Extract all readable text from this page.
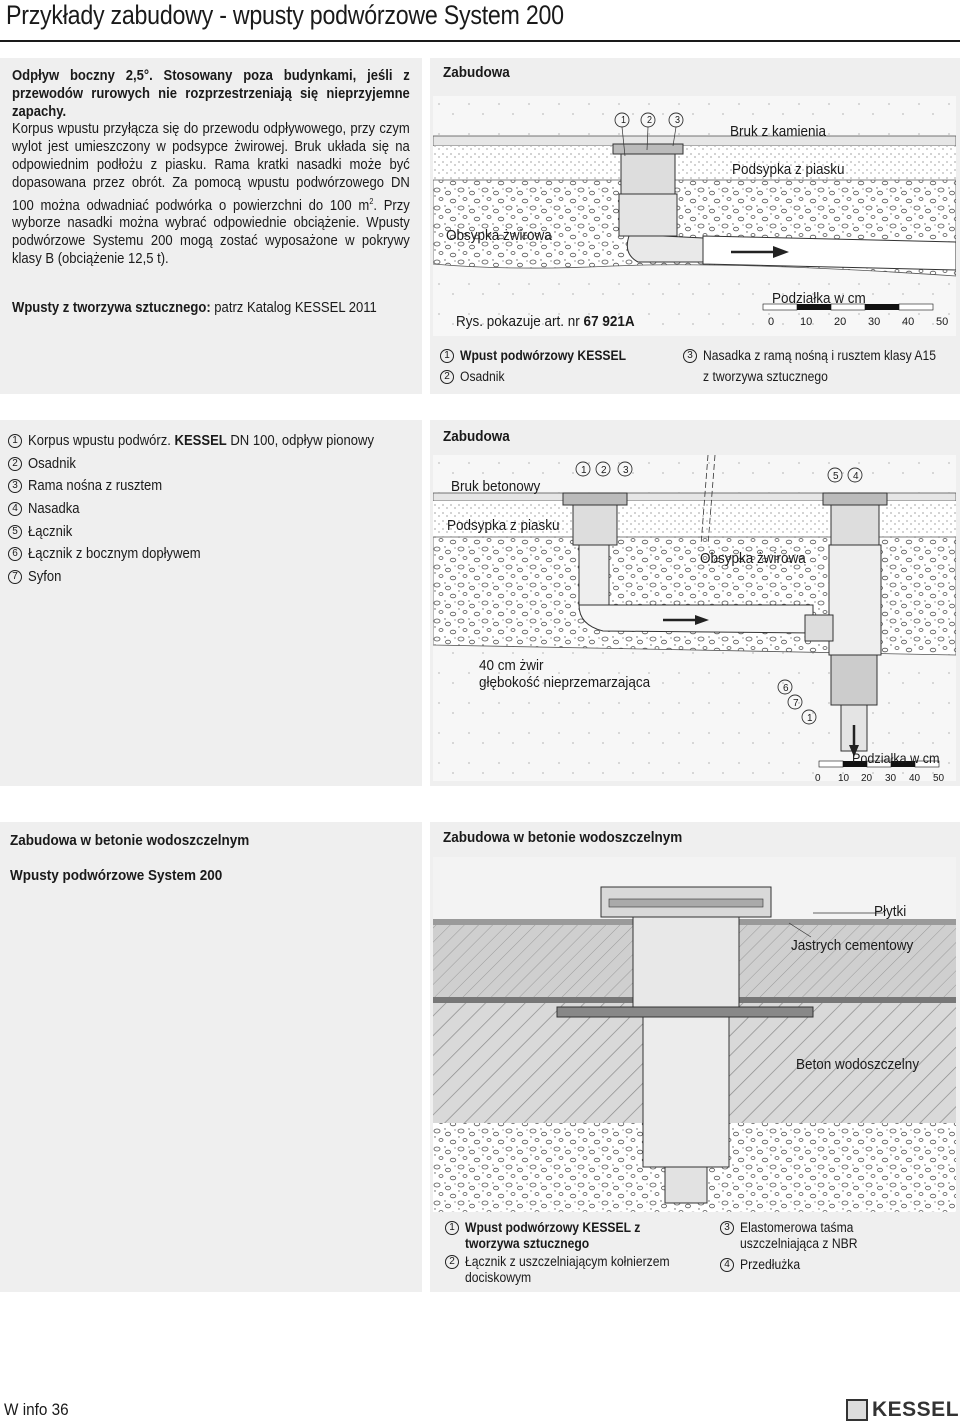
Przykłady zabudowy - wpusty podwórzowe System 200
Odpływ boczny 2,5°. Stosowany poza budynkami, jeśli z przewodów rurowych nie rozprzestrzeniają się nieprzyjemne zapachy.
Korpus wpustu przyłącza się do przewodu odpływowego, przy czym wylot jest umieszczony w podsypce żwirowej. Bruk układa się na odpowiednim podłożu z piasku. Rama kratki nasadki może być dopasowana przez obrót. Za pomocą wpustu podwórzowego DN 100 można odwadniać podwórka o powierzchni do 100 $m^2$. Przy wyborze nasadki można wybrać odpowiednie obciążenie. Wpusty podwórzowe Systemu 200 mogą zostać wyposażone w pokrywy klasy B (obciążenie 12,5 t).
Wpusty z tworzywa sztucznego: patrz Katalog KESSEL 2011
Zabudowa
1 2 3
Bruk z kamienia
Podsypka z piasku
Obsypka żwirowa
Podziałka w cm
0 10 20 30 40 50
Rys. pokazuje art. nr 67 921A
1 Wpust podwórzowy KESSEL
2 Osadnik
3 Nasadka z ramą nośną i rusztem klasy A15 z tworzywa sztucznego
1 Korpus wpustu podwórz. KESSEL DN 100, odpływ pionowy
2 Osadnik
3 Rama nośna z rusztem
4 Nasadka
5 Łącznik
6 Łącznik z bocznym dopływem
7 Syfon
Zabudowa
1 2 3
5 4
6
7
1
Bruk betonowy
Podsypka z piasku
Obsypka żwirowa
40 cm żwir
głębokość nieprzemarzająca
Podziałka w cm
0 10 20 30 40 50
Zabudowa w betonie wodoszczelnym
Wpusty podwórzowe System 200
Zabudowa w betonie wodoszczelnym
Płytki
Jastrych cementowy
Beton wodoszczelny
1 Wpust podwórzowy KESSEL z tworzywa sztucznego
2 Łącznik z uszczelniającym kołnierzem dociskowym
3 Elastomerowa taśma uszczelniająca z NBR
4 Przedłużka
W info 36	KESSEL
